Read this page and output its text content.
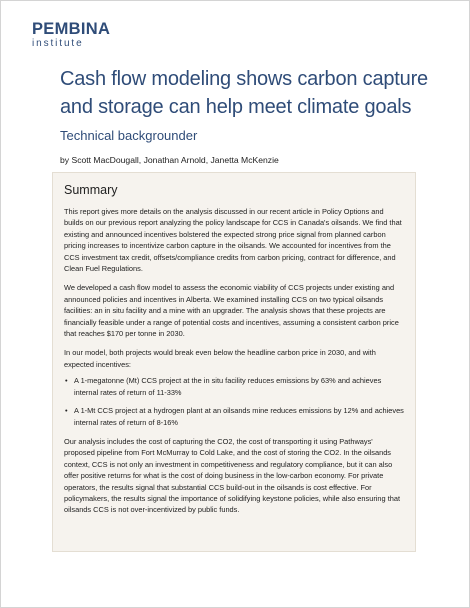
PEMBINA
institute
Cash flow modeling shows carbon capture and storage can help meet climate goals
Technical backgrounder
by Scott MacDougall, Jonathan Arnold, Janetta McKenzie
Summary

This report gives more details on the analysis discussed in our recent article in Policy Options and builds on our previous report analyzing the policy landscape for CCS in Canada's oilsands. We find that existing and announced incentives bolstered the expected strong price signal from planned carbon pricing increases to incentivize carbon capture in the oilsands. We accounted for incentives from the CCS investment tax credit, offsets/compliance credits from carbon pricing, contract for difference, and Clean Fuel Regulations.

We developed a cash flow model to assess the economic viability of CCS projects under existing and announced policies and incentives in Alberta. We examined installing CCS on two typical oilsands facilities: an in situ facility and a mine with an upgrader. The analysis shows that these projects are financially feasible under a range of potential costs and incentives, assuming a consistent carbon price that reaches $170 per tonne in 2030.

In our model, both projects would break even below the headline carbon price in 2030, and with expected incentives:

• A 1-megatonne (Mt) CCS project at the in situ facility reduces emissions by 63% and achieves internal rates of return of 11-33%
• A 1-Mt CCS project at a hydrogen plant at an oilsands mine reduces emissions by 12% and achieves internal rates of return of 8-16%

Our analysis includes the cost of capturing the CO2, the cost of transporting it using Pathways' proposed pipeline from Fort McMurray to Cold Lake, and the cost of storing the CO2. In the oilsands context, CCS is not only an investment in competitiveness and regulatory compliance, but it can also offer positive returns for what is the cost of doing business in the low-carbon economy. For private operators, the results signal that substantial CCS build-out in the oilsands is cost effective. For policymakers, the results signal the importance of solidifying keystone policies, while also ensuring that oilsands CCS is not over-incentivized by public funds.
